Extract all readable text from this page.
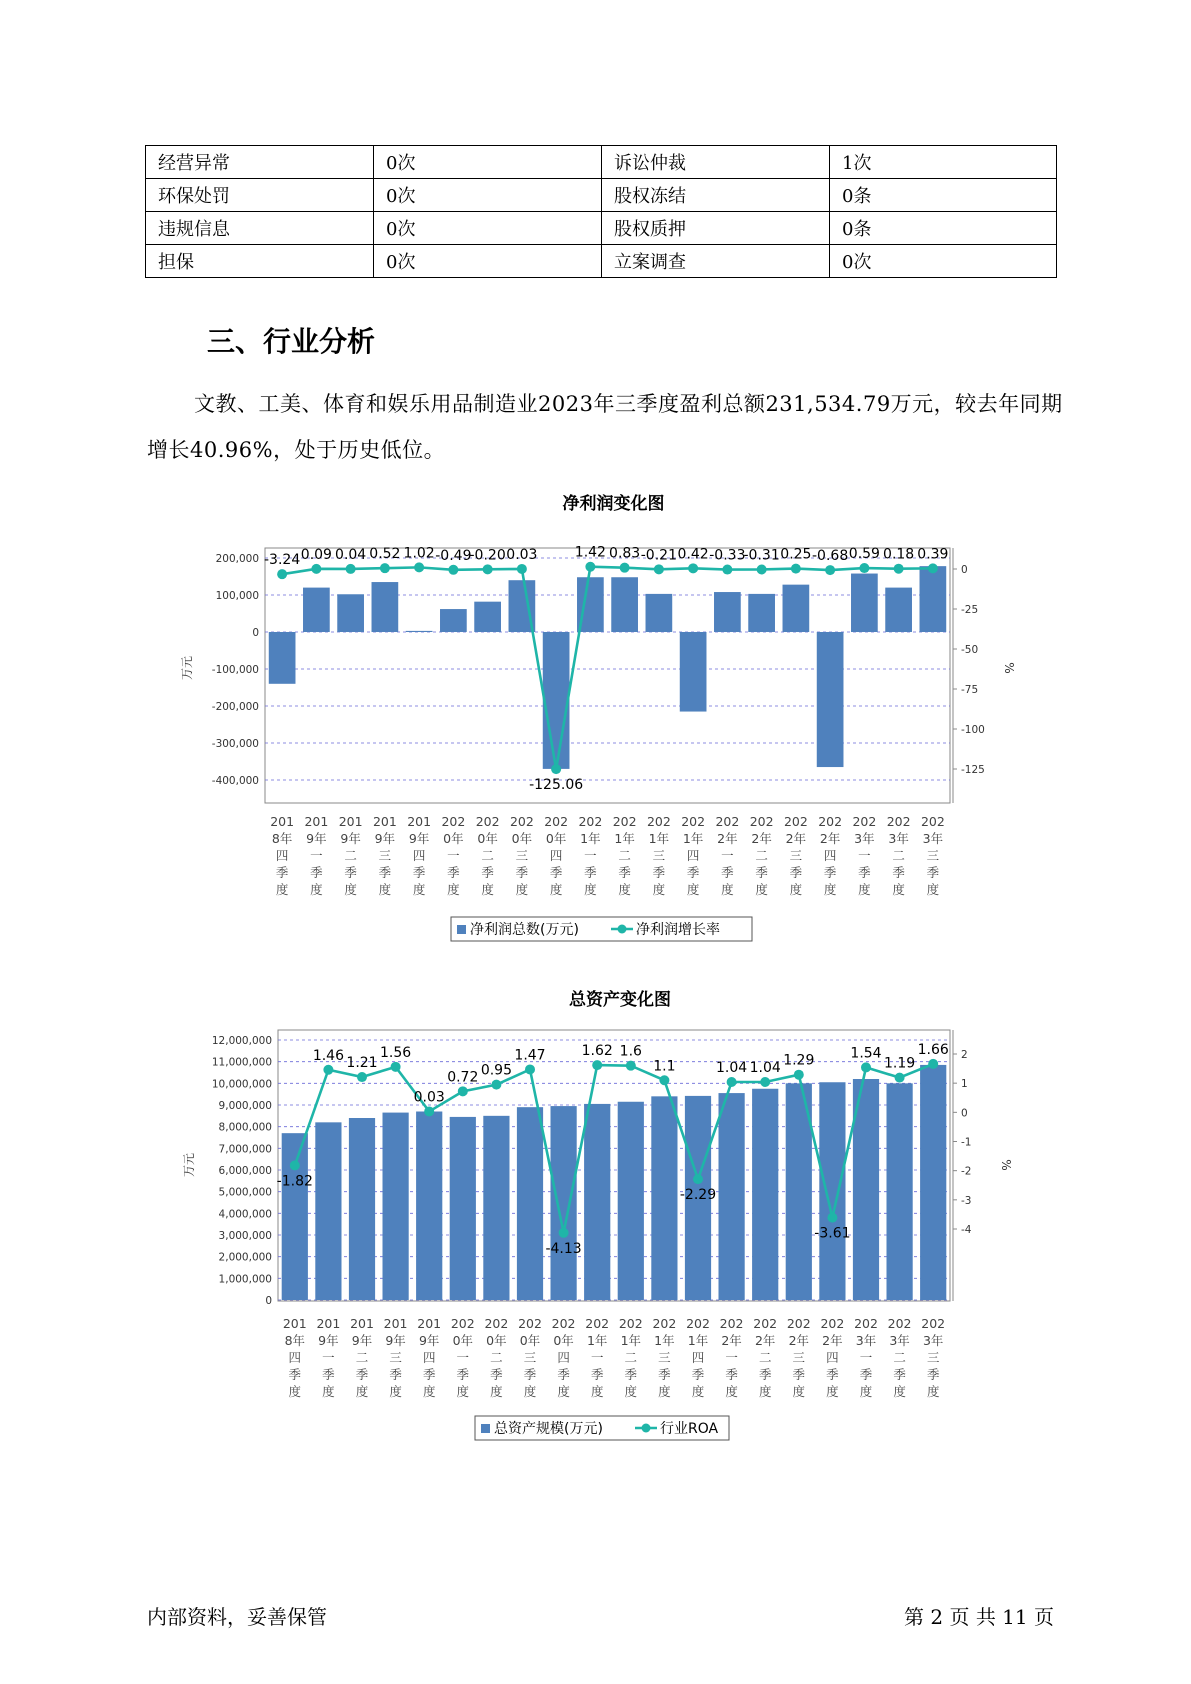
经营异常	0次	诉讼仲裁	1次
环保处罚	0次	股权冻结	0条
违规信息	0次	股权质押	0条
担保	0次	立案调查	0次
三、行业分析

文教、工美、体育和娱乐用品制造业2023年三季度盈利总额231,534.79万元，较去年同期增长40.96%，处于历史低位。

净利润变化图
200,000
100,000
0
-100,000
-200,000
-300,000
-400,000
0
-25
-50
-75
-100
-125
万元	%
-3.24 0.09 0.04 0.52 1.02 -0.49
-0.20 0.03
-125.06
1.42 0.83 -0.21 0.42 -0.33
-0.31 0.25 -0.68 0.59 0.18 0.39
201 8年四季度
201 9年一季度
201 9年二季度
201 9年三季度
201 9年四季度
202 0年一季度
202 0年二季度
202 0年三季度
202 0年四季度
202 1年一季度
202 1年二季度
202 1年三季度
202 1年四季度
202 2年一季度
202 2年二季度
202 2年三季度
202 2年四季度
202 3年一季度
202 3年二季度
202 3年三季度
净利润总数(万元)	净利润增长率
总资产变化图
12,000,000
11,000,000
10,000,000
9,000,000
8,000,000
7,000,000
6,000,000
5,000,000
4,000,000
3,000,000
2,000,000
1,000,000
0
2
1
0
-1
-2
-3
-4
万元	%
-1.82
1.46 1.21
1.56
0.03
0.72 0.95
1.47
-4.13
1.62 1.6
1.1
-2.29
1.04 1.04 1.29
-3.61
1.54
1.19
1.66
201 8年四季度
201 9年一季度
201 9年二季度
201 9年三季度
201 9年四季度
202 0年一季度
202 0年二季度
202 0年三季度
202 0年四季度
202 1年一季度
202 1年二季度
202 1年三季度
202 1年四季度
202 2年一季度
202 2年二季度
202 2年三季度
202 2年四季度
202 3年一季度
202 3年二季度
202 3年三季度
总资产规模(万元)	行业ROA
内部资料，妥善保管	第 2 页 共 11 页
